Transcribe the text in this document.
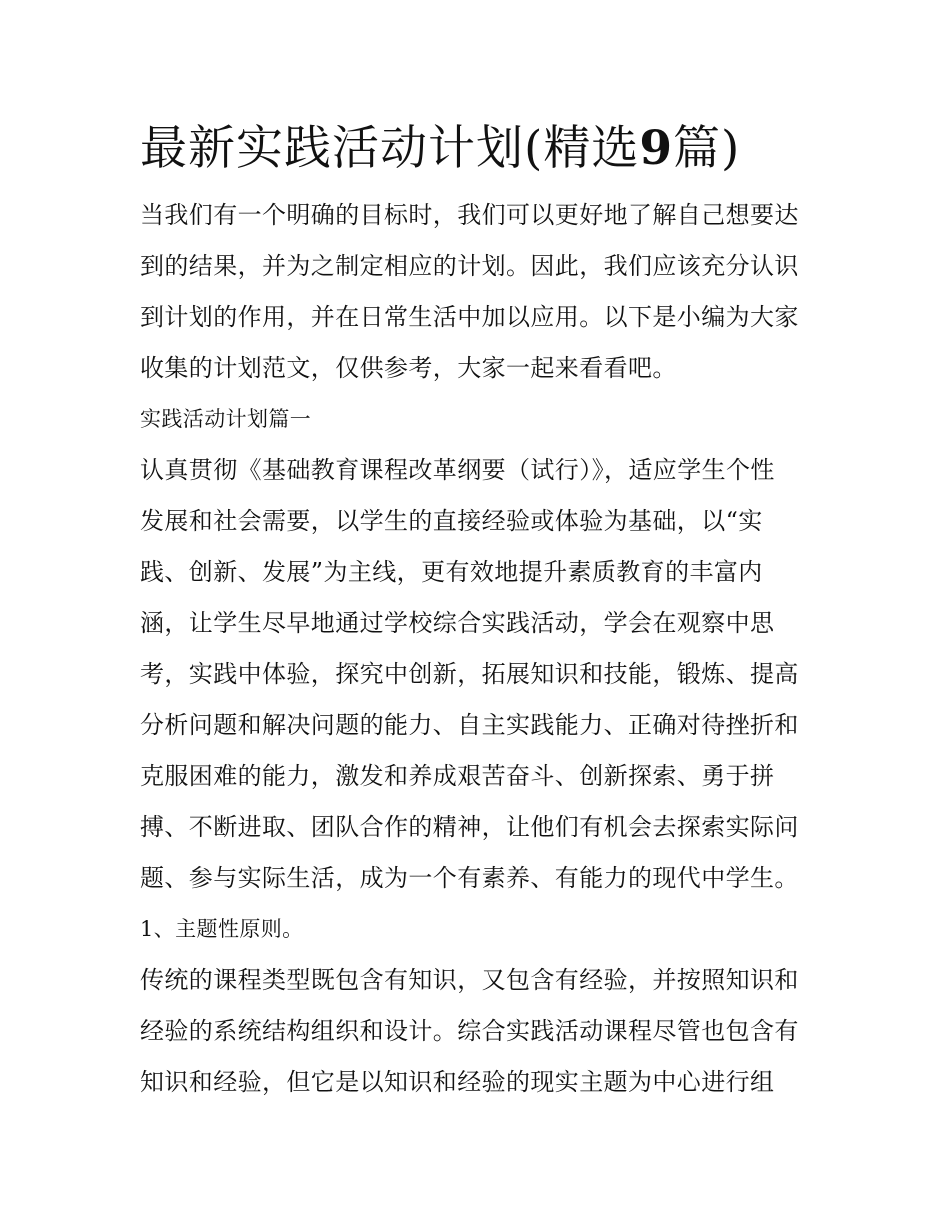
最新实践活动计划(精选9篇)
当我们有一个明确的目标时，我们可以更好地了解自己想要达
到的结果，并为之制定相应的计划。因此，我们应该充分认识
到计划的作用，并在日常生活中加以应用。以下是小编为大家
收集的计划范文，仅供参考，大家一起来看看吧。
实践活动计划篇一
认真贯彻《基础教育课程改革纲要（试行）》，适应学生个性
发展和社会需要，以学生的直接经验或体验为基础，以“实
践、创新、发展”为主线，更有效地提升素质教育的丰富内
涵，让学生尽早地通过学校综合实践活动，学会在观察中思
考，实践中体验，探究中创新，拓展知识和技能，锻炼、提高
分析问题和解决问题的能力、自主实践能力、正确对待挫折和
克服困难的能力，激发和养成艰苦奋斗、创新探索、勇于拼
搏、不断进取、团队合作的精神，让他们有机会去探索实际问
题、参与实际生活，成为一个有素养、有能力的现代中学生。
1、主题性原则。
传统的课程类型既包含有知识，又包含有经验，并按照知识和
经验的系统结构组织和设计。综合实践活动课程尽管也包含有
知识和经验，但它是以知识和经验的现实主题为中心进行组
